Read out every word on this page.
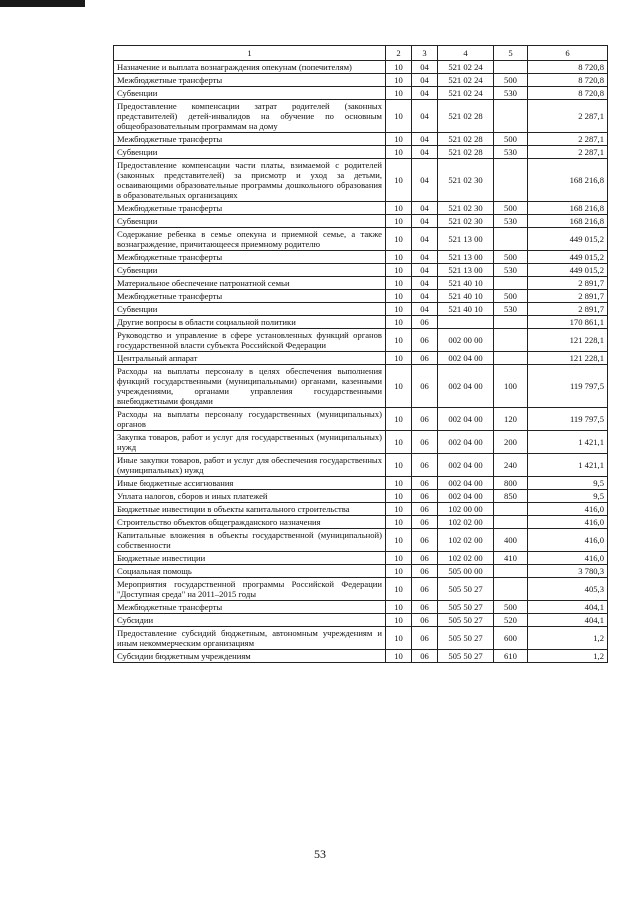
1	2	3	4	5	6
Назначение и выплата вознаграждения опекунам (попечителям)	10	04	521 02 24		8 720,8
Межбюджетные трансферты	10	04	521 02 24	500	8 720,8
Субвенции	10	04	521 02 24	530	8 720,8
Предоставление компенсации затрат родителей (законных представителей) детей-инвалидов на обучение по основным общеобразовательным программам на дому	10	04	521 02 28		2 287,1
Межбюджетные трансферты	10	04	521 02 28	500	2 287,1
Субвенции	10	04	521 02 28	530	2 287,1
Предоставление компенсации части платы, взимаемой с родителей (законных представителей) за присмотр и уход за детьми, осваивающими образовательные программы дошкольного образования в образовательных организациях	10	04	521 02 30		168 216,8
Межбюджетные трансферты	10	04	521 02 30	500	168 216,8
Субвенции	10	04	521 02 30	530	168 216,8
Содержание ребенка в семье опекуна и приемной семье, а также вознаграждение, причитающееся приемному родителю	10	04	521 13 00		449 015,2
Межбюджетные трансферты	10	04	521 13 00	500	449 015,2
Субвенции	10	04	521 13 00	530	449 015,2
Материальное обеспечение патронатной семьи	10	04	521 40 10		2 891,7
Межбюджетные трансферты	10	04	521 40 10	500	2 891,7
Субвенции	10	04	521 40 10	530	2 891,7
Другие вопросы в области социальной политики	10	06			170 861,1
Руководство и управление в сфере установленных функций органов государственной власти субъекта Российской Федерации	10	06	002 00 00		121 228,1
Центральный аппарат	10	06	002 04 00		121 228,1
Расходы на выплаты персоналу в целях обеспечения выполнения функций государственными (муниципальными) органами, казенными учреждениями, органами управления государственными внебюджетными фондами	10	06	002 04 00	100	119 797,5
Расходы на выплаты персоналу государственных (муниципальных) органов	10	06	002 04 00	120	119 797,5
Закупка товаров, работ и услуг для государственных (муниципальных) нужд	10	06	002 04 00	200	1 421,1
Иные закупки товаров, работ и услуг для обеспечения государственных (муниципальных) нужд	10	06	002 04 00	240	1 421,1
Иные бюджетные ассигнования	10	06	002 04 00	800	9,5
Уплата налогов, сборов и иных платежей	10	06	002 04 00	850	9,5
Бюджетные инвестиции в объекты капитального строительства	10	06	102 00 00		416,0
Строительство объектов общегражданского назначения	10	06	102 02 00		416,0
Капитальные вложения в объекты государственной (муниципальной) собственности	10	06	102 02 00	400	416,0
Бюджетные инвестиции	10	06	102 02 00	410	416,0
Социальная помощь	10	06	505 00 00		3 780,3
Мероприятия государственной программы Российской Федерации "Доступная среда" на 2011–2015 годы	10	06	505 50 27		405,3
Межбюджетные трансферты	10	06	505 50 27	500	404,1
Субсидии	10	06	505 50 27	520	404,1
Предоставление субсидий бюджетным, автономным учреждениям и иным некоммерческим организациям	10	06	505 50 27	600	1,2
Субсидии бюджетным учреждениям	10	06	505 50 27	610	1,2
53
